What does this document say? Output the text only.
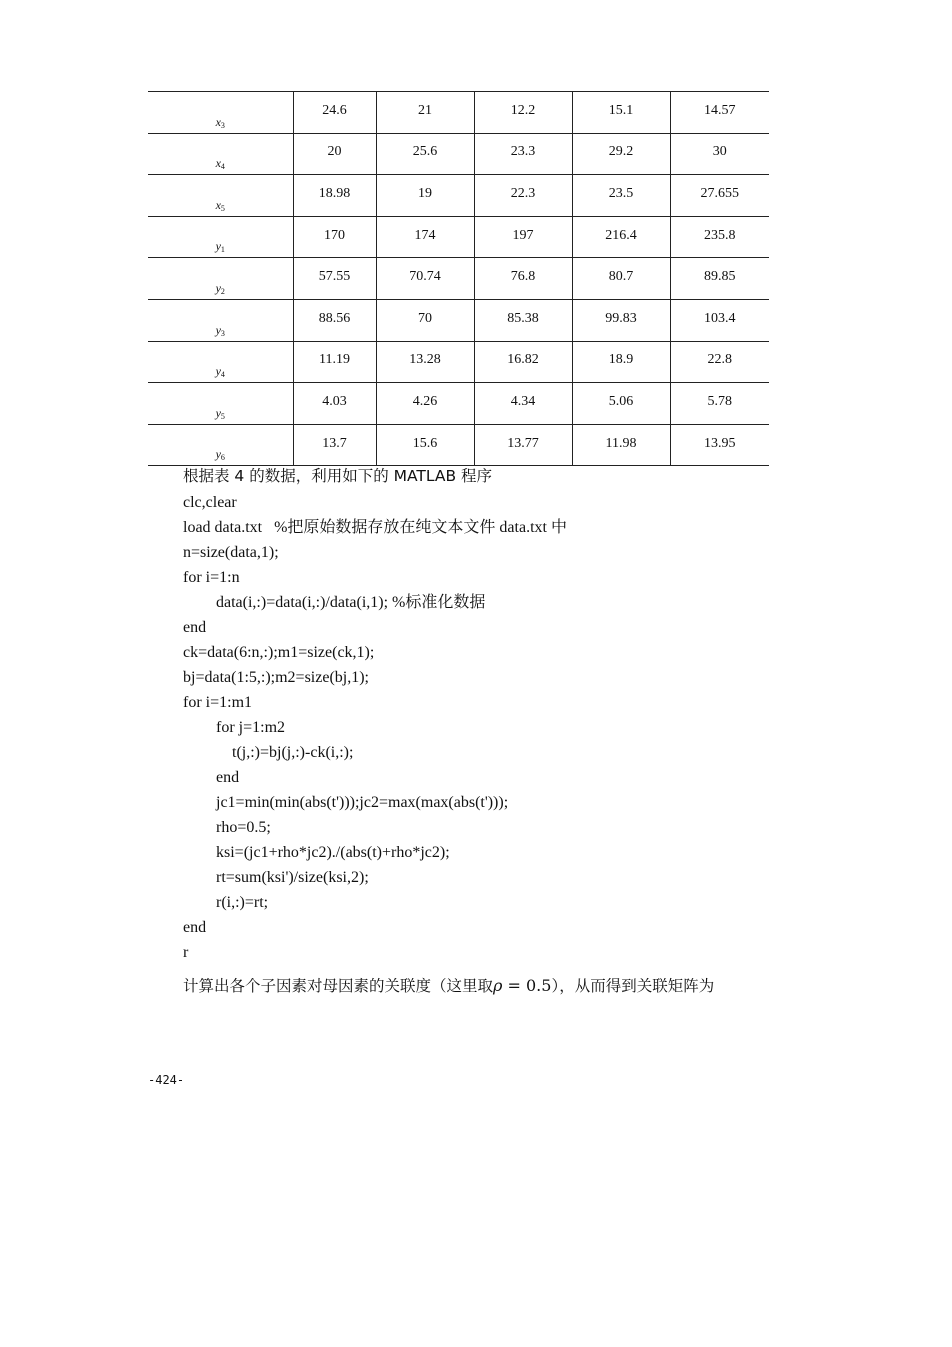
$x_3$	24.6	21	12.2	15.1	14.57
$x_4$	20	25.6	23.3	29.2	30
$x_5$	18.98	19	22.3	23.5	27.655
$y_1$	170	174	197	216.4	235.8
$y_2$	57.55	70.74	76.8	80.7	89.85
$y_3$	88.56	70	85.38	99.83	103.4
$y_4$	11.19	13.28	16.82	18.9	22.8
$y_5$	4.03	4.26	4.34	5.06	5.78
$y_6$	13.7	15.6	13.77	11.98	13.95
根据表 4 的数据，利用如下的 MATLAB 程序
clc,clear
load data.txt   %把原始数据存放在纯文本文件 data.txt 中
n=size(data,1);
for i=1:n
data(i,:)=data(i,:)/data(i,1); %标准化数据
end
ck=data(6:n,:);m1=size(ck,1);
bj=data(1:5,:);m2=size(bj,1);
for i=1:m1
for j=1:m2
t(j,:)=bj(j,:)-ck(i,:);
end
jc1=min(min(abs(t')));jc2=max(max(abs(t')));
rho=0.5;
ksi=(jc1+rho*jc2)./(abs(t)+rho*jc2);
rt=sum(ksi')/size(ksi,2);
r(i,:)=rt;
end
r
计算出各个子因素对母因素的关联度（这里取ρ = 0.5），从而得到关联矩阵为
-424-
